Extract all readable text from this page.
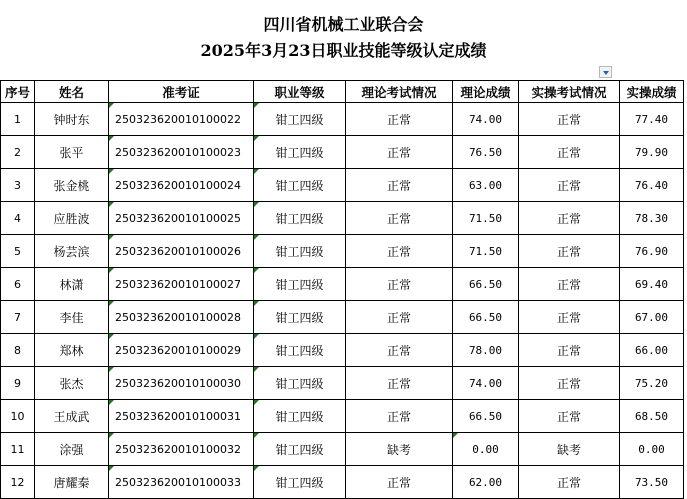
四川省机械工业联合会
2025年3月23日职业技能等级认定成绩
序号	姓名	准考证	职业等级	理论考试情况	理论成绩	实操考试情况	实操成绩
1	钟时东	250323620010100022	钳工四级	正常	74.00	正常	77.40
2	张平	250323620010100023	钳工四级	正常	76.50	正常	79.90
3	张金桃	250323620010100024	钳工四级	正常	63.00	正常	76.40
4	应胜波	250323620010100025	钳工四级	正常	71.50	正常	78.30
5	杨芸滨	250323620010100026	钳工四级	正常	71.50	正常	76.90
6	林潇	250323620010100027	钳工四级	正常	66.50	正常	69.40
7	李佳	250323620010100028	钳工四级	正常	66.50	正常	67.00
8	郑林	250323620010100029	钳工四级	正常	78.00	正常	66.00
9	张杰	250323620010100030	钳工四级	正常	74.00	正常	75.20
10	王成武	250323620010100031	钳工四级	正常	66.50	正常	68.50
11	涂强	250323620010100032	钳工四级	缺考	0.00	缺考	0.00
12	唐耀秦	250323620010100033	钳工四级	正常	62.00	正常	73.50
